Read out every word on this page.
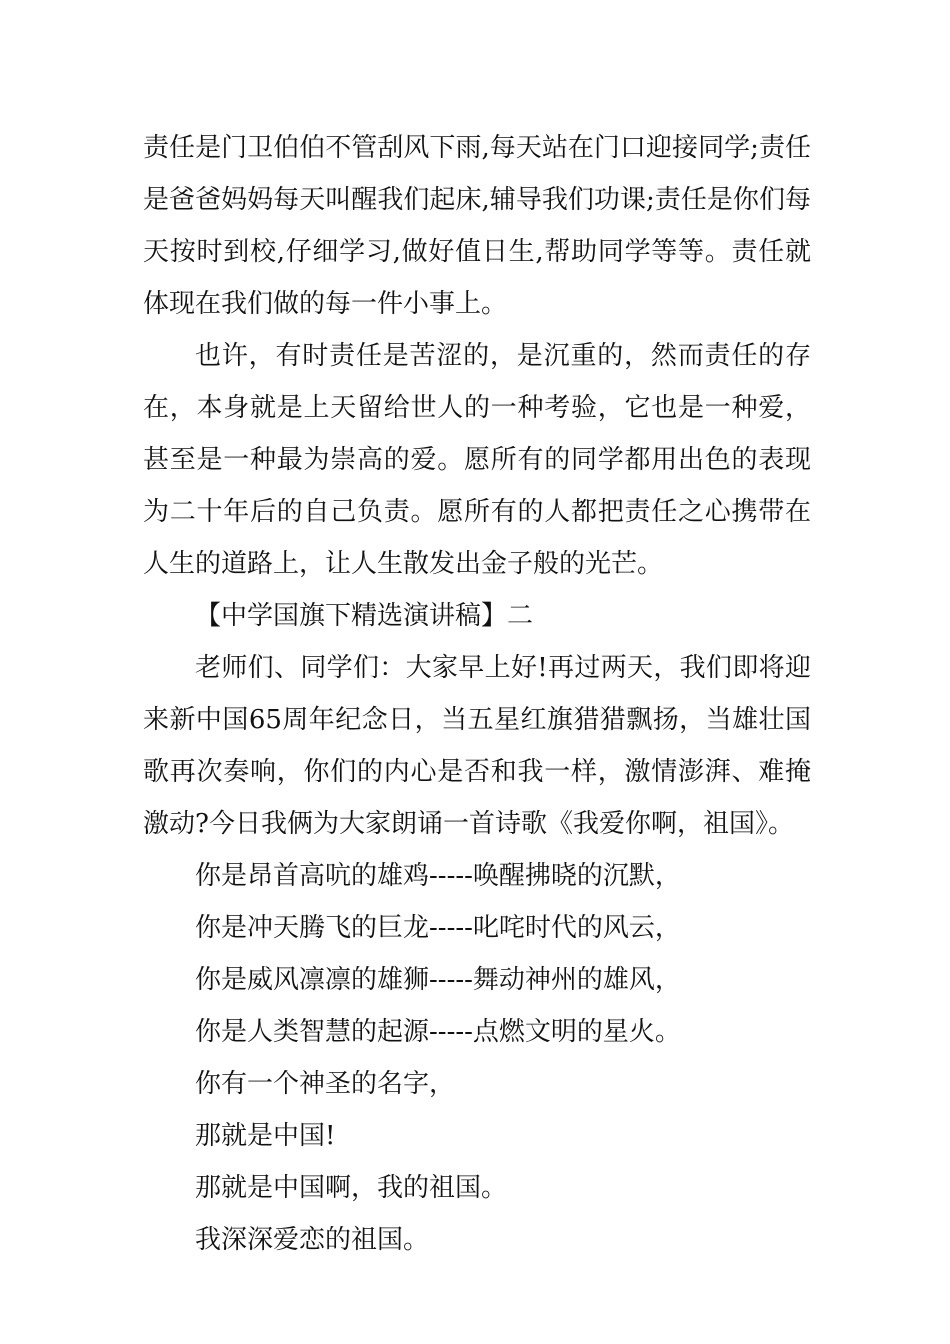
责任是门卫伯伯不管刮风下雨,每天站在门口迎接同学;责任是爸爸妈妈每天叫醒我们起床,辅导我们功课;责任是你们每天按时到校,仔细学习,做好值日生,帮助同学等等。责任就体现在我们做的每一件小事上。

也许，有时责任是苦涩的，是沉重的，然而责任的存在，本身就是上天留给世人的一种考验，它也是一种爱，甚至是一种最为崇高的爱。愿所有的同学都用出色的表现为二十年后的自己负责。愿所有的人都把责任之心携带在人生的道路上，让人生散发出金子般的光芒。

【中学国旗下精选演讲稿】二

老师们、同学们：大家早上好!再过两天，我们即将迎来新中国65周年纪念日，当五星红旗猎猎飘扬，当雄壮国歌再次奏响，你们的内心是否和我一样，激情澎湃、难掩激动?今日我俩为大家朗诵一首诗歌《我爱你啊，祖国》。

你是昂首高吭的雄鸡-----唤醒拂晓的沉默，

你是冲天腾飞的巨龙-----叱咤时代的风云，

你是威风凛凛的雄狮-----舞动神州的雄风，

你是人类智慧的起源-----点燃文明的星火。

你有一个神圣的名字，

那就是中国!

那就是中国啊，我的祖国。

我深深爱恋的祖国。
